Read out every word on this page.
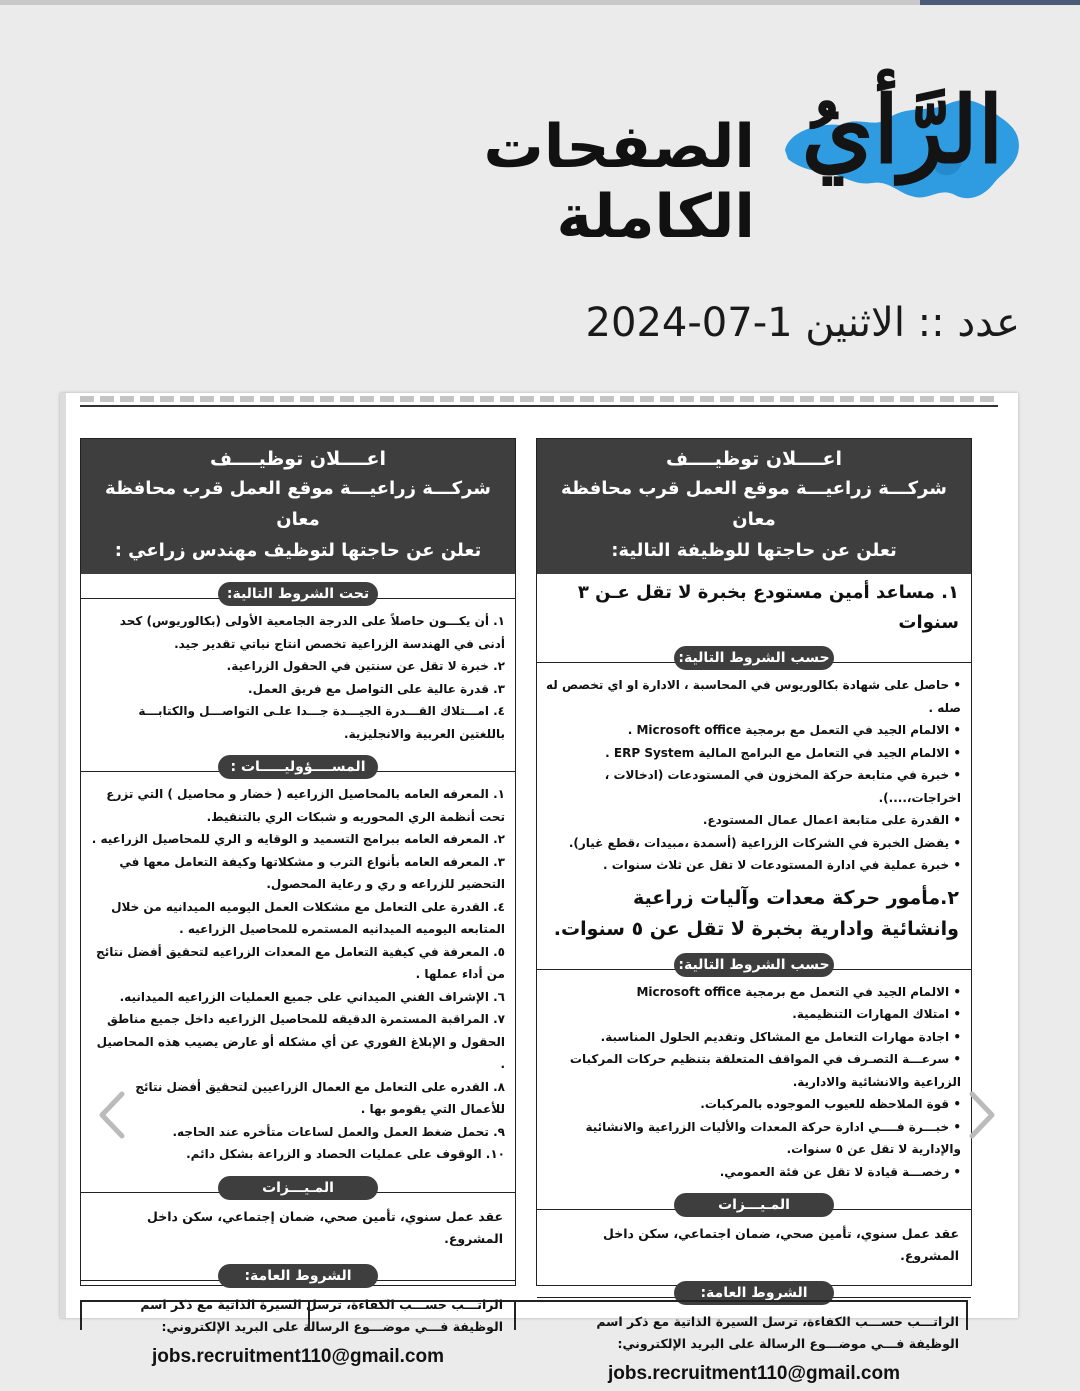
الرَّأيُ
الصفحات الكاملة
عدد :: الاثنين 1-07-2024
اعــــلان توظيــــف
شركـــة زراعيـــة موقع العمل قرب محافظة معان
تعلن عن حاجتها للوظيفة التالية:
١. مساعد أمين مستودع بخبرة لا تقل عـن ٣ سنوات
حسب الشروط التالية:
• حاصل على شهادة بكالوريوس في المحاسبة ، الادارة او اي تخصص له صله .
• الالمام الجيد في التعمل مع برمجية Microsoft office .
• الالمام الجيد في التعامل مع البرامج المالية ERP System .
• خبرة في متابعة حركة المخزون في المستودعات (ادخالات ، اخراجات،....).
• القدرة على متابعة اعمال عمال المستودع.
• يفضل الخبرة في الشركات الزراعية (أسمدة ،مبيدات ،قطع غيار).
• خبرة عملية في ادارة المستودعات لا تقل عن ثلاث سنوات .
٢.مأمور حركة معدات وآليات زراعية وانشائية وادارية بخبرة لا تقل عن ٥ سنوات.
حسب الشروط التالية:
• الالمام الجيد في التعمل مع برمجية Microsoft office
• امتلاك المهارات التنظيمية.
• اجادة مهارات التعامل مع المشاكل وتقديم الحلول المناسبة.
• سرعـــة التصـرف في المواقف المتعلقة بتنظيم حركات المركبات الزراعية والانشائية والادارية.
• قوة الملاحظه للعيوب الموجوده بالمركبات.
• خبـــرة فــــي ادارة حركة المعدات والأليات الزراعية والانشائية والإدارية لا تقل عن ٥ سنوات.
• رخصـــة قيادة لا تقل عن فئة العمومي.
المـيـــزات
عقد عمل سنوي، تأمين صحي، ضمان اجتماعي، سكن داخل المشروع.
الشروط العامة:
الراتـــب حســـب الكفاءة، ترسل السيرة الذاتية مع ذكر اسم الوظيفة فـــي موضـــوع الرسالة على البريد الإلكتروني:
jobs.recruitment110@gmail.com
اعــــلان توظيــــف
شركـــة زراعيـــة موقع العمل قرب محافظة معان
تعلن عن حاجتها لتوظيف مهندس زراعي :
تحت الشروط التالية:
١. أن يكـــون حاصلاً على الدرجة الجامعية الأولى (بكالوريوس) كحد أدنى في الهندسة الزراعية تخصص انتاج نباتي تقدير جيد.
٢. خبرة لا تقل عن سنتين في الحقول الزراعية.
٣. قدرة عالية على التواصل مع فريق العمل.
٤. امـــتلاك القـــدرة الجيـــدة جـــدا علـى التواصـــل والكتابـــة باللغتين العربية والانجليزية.
المســــؤوليـــــات :
١. المعرفه العامه بالمحاصيل الزراعيه ( خضار و محاصيل ) التي تزرع تحت أنظمة الري المحوريه و شبكات الري بالتنقيط.
٢. المعرفه العامه ببرامج التسميد و الوقايه و الري للمحاصيل الزراعيه .
٣. المعرفه العامه بأنواع الترب و مشكلاتها وكيفة التعامل معها في التحضير للزراعه و ري و رعاية المحصول.
٤. القدرة على التعامل مع مشكلات العمل اليوميه الميدانيه من خلال المتابعه اليوميه الميدانيه المستمره للمحاصيل الزراعيه .
٥. المعرفة في كيفية التعامل مع المعدات الزراعيه لتحقيق أفضل نتائج من أداء عملها .
٦. الإشراف الفني الميداني على جميع العمليات الزراعيه الميدانيه.
٧. المراقبة المستمرة الدقيقه للمحاصيل الزراعيه داخل جميع مناطق الحقول و الإبلاغ الفوري عن أي مشكله أو عارض يصيب هذه المحاصيل .
٨. القدره على التعامل مع العمال الزراعيين لتحقيق أفضل نتائج للأعمال التي يقومو بها .
٩. تحمل ضغط العمل والعمل لساعات متأخره عند الحاجه.
١٠. الوقوف على عمليات الحصاد و الزراعة بشكل دائم.
المـيـــزات
عقد عمل سنوي، تأمين صحي، ضمان إجتماعي، سكن داخل المشروع.
الشروط العامة:
الراتـــب حســـب الكفاءة، ترسل السيرة الذاتية مع ذكر اسم الوظيفة فـــي موضـــوع الرسالة على البريد الإلكتروني:
jobs.recruitment110@gmail.com
